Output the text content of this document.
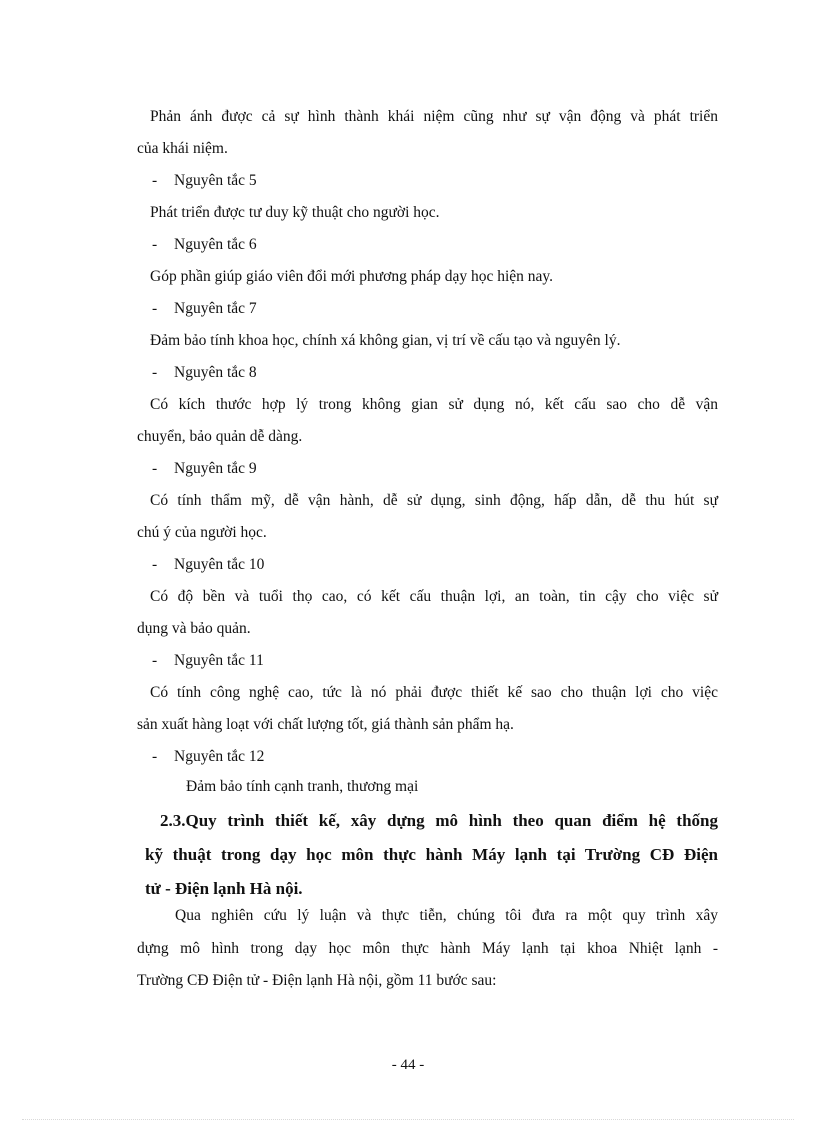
Phản ánh được cả sự hình thành khái niệm cũng như sự vận động và phát triển
của khái niệm.
- Nguyên tắc 5
Phát triển được tư duy kỹ thuật cho người học.
- Nguyên tắc 6
Góp phần giúp giáo viên đổi mới phương pháp dạy học hiện nay.
- Nguyên tắc 7
Đảm bảo tính khoa học, chính xá không gian, vị trí về cấu tạo và nguyên lý.
- Nguyên tắc 8
Có kích thước hợp lý trong không gian sử dụng nó, kết cấu sao cho dễ vận
chuyển, bảo quản dễ dàng.
- Nguyên tắc 9
Có tính thẩm mỹ, dễ vận hành, dễ sử dụng, sinh động, hấp dẫn, dễ thu hút sự
chú ý của người học.
- Nguyên tắc 10
Có độ bền và tuổi thọ cao, có kết cấu thuận lợi, an toàn, tin cậy cho việc sử
dụng và bảo quản.
- Nguyên tắc 11
Có tính công nghệ cao, tức là nó phải được thiết kế sao cho thuận lợi cho việc
sản xuất hàng loạt với chất lượng tốt, giá thành sản phẩm hạ.
- Nguyên tắc 12
Đảm bảo tính cạnh tranh, thương mại
2.3.Quy trình thiết kế, xây dựng mô hình theo quan điểm hệ thống
kỹ thuật trong dạy học môn thực hành Máy lạnh tại Trường CĐ Điện
tử - Điện lạnh Hà nội.
Qua nghiên cứu lý luận và thực tiễn, chúng tôi đưa ra một quy trình xây
dựng mô hình trong dạy học môn thực hành Máy lạnh tại khoa Nhiệt lạnh -
Trường CĐ Điện tử - Điện lạnh Hà nội, gồm 11 bước sau:
- 44 -
